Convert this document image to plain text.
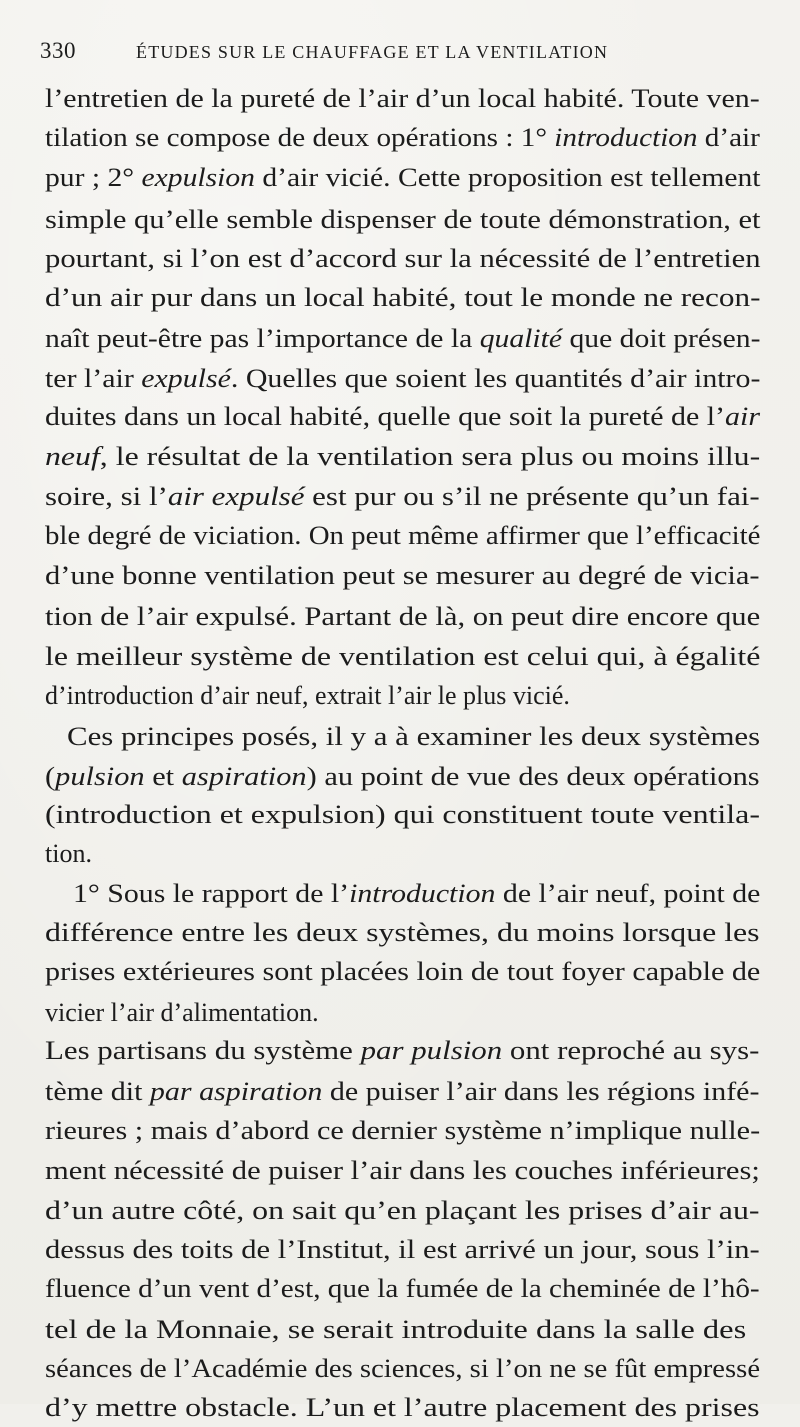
330	ÉTUDES SUR LE CHAUFFAGE ET LA VENTILATION
l’entretien de la pureté de l’air d’un local habité. Toute ven-
tilation se compose de deux opérations : 1° introduction d’air
pur ; 2° expulsion d’air vicié. Cette proposition est tellement
simple qu’elle semble dispenser de toute démonstration, et
pourtant, si l’on est d’accord sur la nécessité de l’entretien
d’un air pur dans un local habité, tout le monde ne recon-
naît peut-être pas l’importance de la qualité que doit présen-
ter l’air expulsé. Quelles que soient les quantités d’air intro-
duites dans un local habité, quelle que soit la pureté de l’air
neuf, le résultat de la ventilation sera plus ou moins illu-
soire, si l’air expulsé est pur ou s’il ne présente qu’un fai-
ble degré de viciation. On peut même affirmer que l’efficacité
d’une bonne ventilation peut se mesurer au degré de vicia-
tion de l’air expulsé. Partant de là, on peut dire encore que
le meilleur système de ventilation est celui qui, à égalité
d’introduction d’air neuf, extrait l’air le plus vicié.
Ces principes posés, il y a à examiner les deux systèmes
(pulsion et aspiration) au point de vue des deux opérations
(introduction et expulsion) qui constituent toute ventila-
tion.
1° Sous le rapport de l’introduction de l’air neuf, point de
différence entre les deux systèmes, du moins lorsque les
prises extérieures sont placées loin de tout foyer capable de
vicier l’air d’alimentation.
Les partisans du système par pulsion ont reproché au sys-
tème dit par aspiration de puiser l’air dans les régions infé-
rieures ; mais d’abord ce dernier système n’implique nulle-
ment nécessité de puiser l’air dans les couches inférieures;
d’un autre côté, on sait qu’en plaçant les prises d’air au-
dessus des toits de l’Institut, il est arrivé un jour, sous l’in-
fluence d’un vent d’est, que la fumée de la cheminée de l’hô-
tel de la Monnaie, se serait introduite dans la salle des
séances de l’Académie des sciences, si l’on ne se fût empressé
d’y mettre obstacle. L’un et l’autre placement des prises
